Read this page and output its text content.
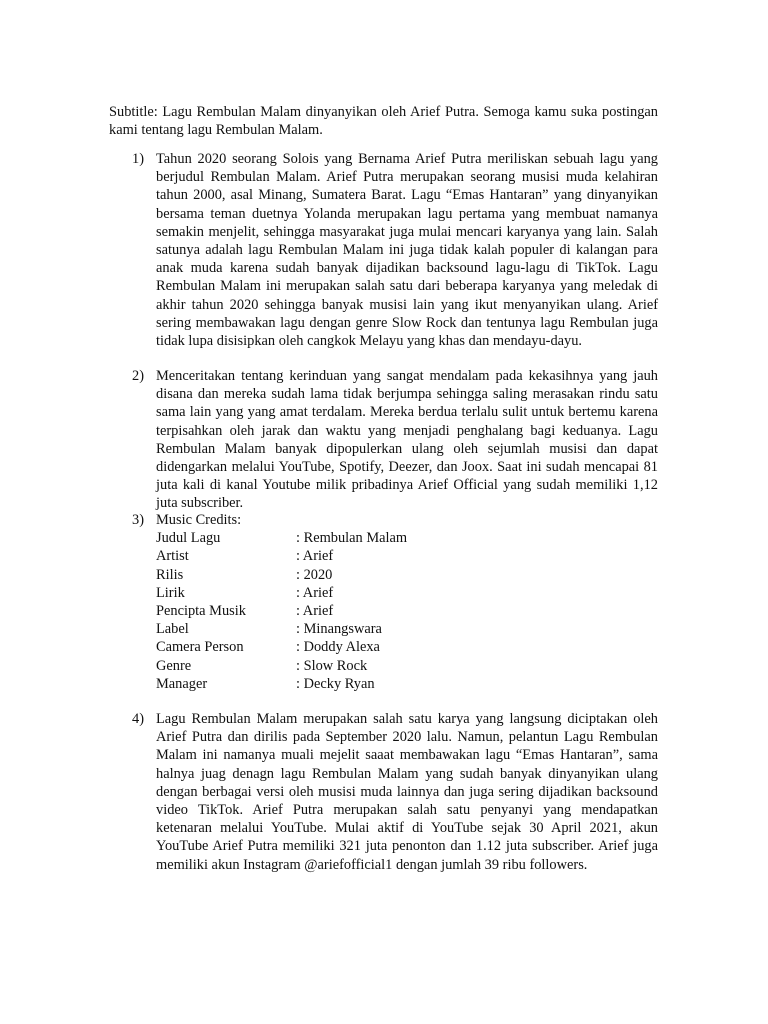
Subtitle: Lagu Rembulan Malam dinyanyikan oleh Arief Putra. Semoga kamu suka postingan kami tentang lagu Rembulan Malam.

1) Tahun 2020 seorang Solois yang Bernama Arief Putra meriliskan sebuah lagu yang berjudul Rembulan Malam. Arief Putra merupakan seorang musisi muda kelahiran tahun 2000, asal Minang, Sumatera Barat. Lagu “Emas Hantaran” yang dinyanyikan bersama teman duetnya Yolanda merupakan lagu pertama yang membuat namanya semakin menjelit, sehingga masyarakat juga mulai mencari karyanya yang lain. Salah satunya adalah lagu Rembulan Malam ini juga tidak kalah populer di kalangan para anak muda karena sudah banyak dijadikan backsound lagu-lagu di TikTok. Lagu Rembulan Malam ini merupakan salah satu dari beberapa karyanya yang meledak di akhir tahun 2020 sehingga banyak musisi lain yang ikut menyanyikan ulang. Arief sering membawakan lagu dengan genre Slow Rock dan tentunya lagu Rembulan juga tidak lupa disisipkan oleh cangkok Melayu yang khas dan mendayu-dayu.

2) Menceritakan tentang kerinduan yang sangat mendalam pada kekasihnya yang jauh disana dan mereka sudah lama tidak berjumpa sehingga saling merasakan rindu satu sama lain yang yang amat terdalam. Mereka berdua terlalu sulit untuk bertemu karena terpisahkan oleh jarak dan waktu yang menjadi penghalang bagi keduanya. Lagu Rembulan Malam banyak dipopulerkan ulang oleh sejumlah musisi dan dapat didengarkan melalui YouTube, Spotify, Deezer, dan Joox. Saat ini sudah mencapai 81 juta kali di kanal Youtube milik pribadinya Arief Official yang sudah memiliki 1,12 juta subscriber.

3) Music Credits:

Judul Lagu	: Rembulan Malam
Artist	: Arief
Rilis	: 2020
Lirik	: Arief
Pencipta Musik	: Arief
Label	: Minangswara
Camera Person	: Doddy Alexa
Genre	: Slow Rock
Manager	: Decky Ryan
4) Lagu Rembulan Malam merupakan salah satu karya yang langsung diciptakan oleh Arief Putra dan dirilis pada September 2020 lalu. Namun, pelantun Lagu Rembulan Malam ini namanya muali mejelit saaat membawakan lagu “Emas Hantaran”, sama halnya juag denagn lagu Rembulan Malam yang sudah banyak dinyanyikan ulang dengan berbagai versi oleh musisi muda lainnya dan juga sering dijadikan backsound video TikTok. Arief Putra merupakan salah satu penyanyi yang mendapatkan ketenaran melalui YouTube. Mulai aktif di YouTube sejak 30 April 2021, akun YouTube Arief Putra memiliki 321 juta penonton dan 1.12 juta subscriber. Arief juga memiliki akun Instagram @ariefofficial1 dengan jumlah 39 ribu followers.
